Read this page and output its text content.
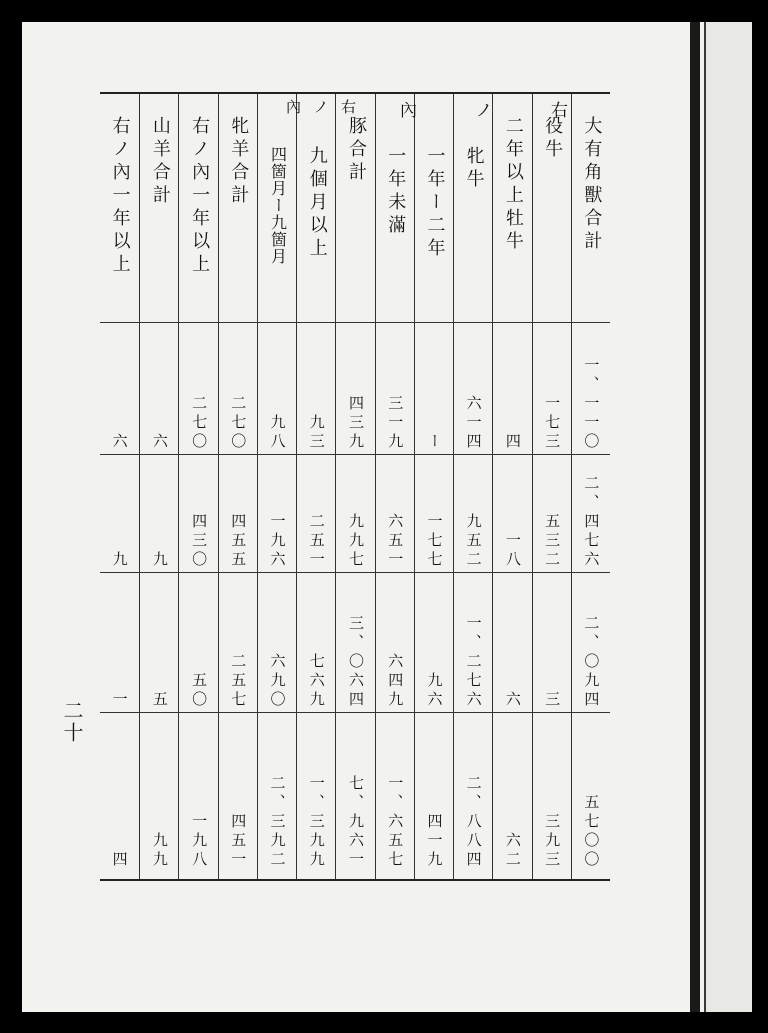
大有角獸合計
一、一一〇
二、四七六
二、〇九四
五七〇〇
役牛
一七三
五三二
三
三九三
二年以上牡牛
四
一八
六
六二
牝牛
六一四
九五二
一、二七六
二、八八四
一年ー二年
ー
一七七
九六
四一九
一年未滿
三一九
六五一
六四九
一、六五七
豚合計
四三九
九九七
三、〇六四
七、九六一
九個月以上
九三
二五一
七六九
一、三九九
四箇月ー九箇月
九八
一九六
六九〇
二、三九二
牝羊合計
二七〇
四五五
二五七
四五一
右ノ內一年以上
二七〇
四三〇
五〇
一九八
山羊合計
六
九
五
九九
右ノ內一年以上
六
九
一
四
內	ノ	右
內 ノ 右
二十
